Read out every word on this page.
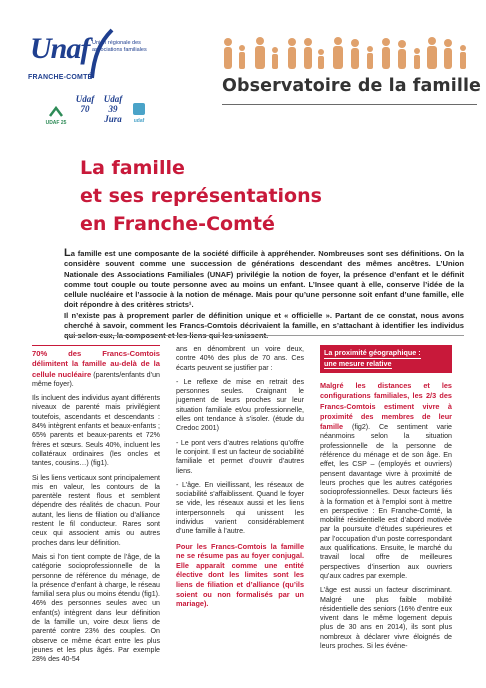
Unaf Union régionale des associations familiales
FRANCHE-COMTÉ
UDAF 25
Udaf 70
Udaf 39 Jura	udaf
Observatoire de la famille
La famille
et ses représentations
en Franche-Comté

La famille est une composante de la société difficile à appréhender. Nombreuses sont ses définitions. On la considère souvent comme une succession de générations descendant des mêmes ancêtres. L’Union Nationale des Associations Familiales (UNAF) privilégie la notion de foyer, la présence d’enfant et le définit comme tout couple ou toute personne avec au moins un enfant. L’Insee quant à elle, conserve l’idée de la cellule nucléaire et l’associe à la notion de ménage. Mais pour qu’une personne soit enfant d’une famille, elle doit répondre à des critères stricts¹.

Il n’existe pas à proprement parler de définition unique et « officielle ». Partant de ce constat, nous avons cherché à savoir, comment les Francs-Comtois décrivaient la famille, en s’attachant à identifier les individus

70% des Francs-Comtois délimitent la famille au-delà de la cellule nucléaire (parents/enfants d’un même foyer).

Ils incluent des individus ayant différents niveaux de parenté mais privilégient toutefois, ascendants et descendants : 84% intègrent enfants et beaux-enfants ; 65% parents et beaux-parents et 72% frères et sœurs. Seuls 40%, incluent les collatéraux ordinaires (les oncles et tantes, cousins…) (fig1).

Si les liens verticaux sont principalement mis en valeur, les contours de la parentèle restent flous et semblent dépendre des réalités de chacun. Pour autant, les liens de filiation ou d’alliance restent le fil conducteur. Rares sont ceux qui associent amis ou autres proches dans leur définition.

Mais si l’on tient compte de l’âge, de la catégorie socioprofessionnelle de la personne de référence du ménage, de la présence d’enfant à charge, le réseau familial sera plus ou moins étendu (fig1). 46% des personnes seules avec un enfant(s) intègrent dans leur définition de la famille un, voire deux liens de parenté contre 23% des couples. On observe ce même écart entre les plus jeunes et les plus âgés. Par exemple 28% des 40-54

ans en dénombrent un voire deux, contre 40% des plus de 70 ans. Ces écarts peuvent se justifier par :

- Le reflexe de mise en retrait des personnes seules. Craignant le jugement de leurs proches sur leur situation familiale et/ou professionnelle, elles ont tendance à s’isoler. (étude du Credoc 2001)

- Le pont vers d’autres relations qu’offre le conjoint. Il est un facteur de sociabilité familiale et permet d’ouvrir d’autres liens.

- L’âge. En vieillissant, les réseaux de sociabilité s’affaiblissent. Quand le foyer se vide, les réseaux aussi et les liens interpersonnels qui unissent les individus varient considérablement d’une famille à l’autre.

Pour les Francs-Comtois la famille ne se résume pas au foyer conjugal. Elle apparaît comme une entité élective dont les limites sont les liens de filiation et d’alliance (qu’ils soient ou non formalisés par un mariage).

La proximité géographique : une mesure relative

Malgré les distances et les configurations familiales, les 2/3 des Francs-Comtois estiment vivre à proximité des membres de leur famille (fig2). Ce sentiment varie néanmoins selon la situation professionnelle de la personne de référence du ménage et de son âge. En effet, les CSP – (employés et ouvriers) pensent davantage vivre à proximité de leurs proches que les autres catégories socioprofessionnelles. Deux facteurs liés à la formation et à l’emploi sont à mettre en perspective : En Franche-Comté, la mobilité résidentielle est d’abord motivée par la poursuite d’études supérieures et par l’occupation d’un poste correspondant aux qualifications. Ensuite, le marché du travail local offre de meilleures perspectives d’insertion aux ouvriers qu’aux cadres par exemple.

L’âge est aussi un facteur discriminant. Malgré une plus faible mobilité résidentielle des seniors (16% d’entre eux vivent dans le même logement depuis plus de 30 ans en 2014), ils sont plus nombreux à déclarer vivre éloignés de leurs proches. Si les événe-
